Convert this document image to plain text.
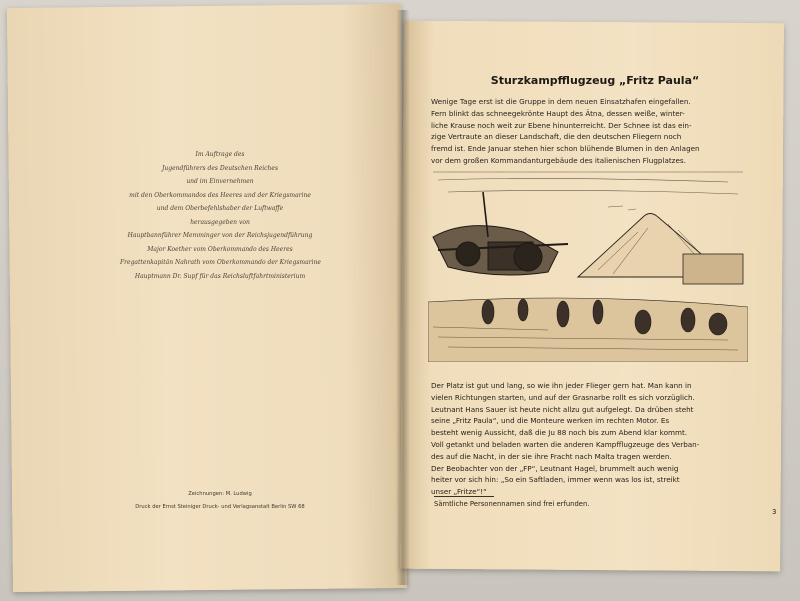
Im Auftrage des
Jugendführers des Deutschen Reiches
und im Einvernehmen
mit den Oberkommandos des Heeres und der Kriegsmarine
und dem Oberbefehlshaber der Luftwaffe
herausgegeben von
Hauptbannführer Memminger von der Reichsjugendführung
Major Koether vom Oberkommando des Heeres
Fregattenkapitän Nahrath vom Oberkommando der Kriegsmarine
Hauptmann Dr. Supf für das Reichsluftfahrtministerium
Zeichnungen: M. Ludwig
Druck der Ernst Steiniger Druck- und Verlagsanstalt Berlin SW 68
Sturzkampfflugzeug „Fritz Paula“
Wenige Tage erst ist die Gruppe in dem neuen Einsatzhafen eingefallen.
Fern blinkt das schneegekrönte Haupt des Ätna, dessen weiße, winter-
liche Krause noch weit zur Ebene hinunterreicht. Der Schnee ist das ein-
zige Vertraute an dieser Landschaft, die den deutschen Fliegern noch
fremd ist. Ende Januar stehen hier schon blühende Blumen in den Anlagen
vor dem großen Kommandanturgebäude des italienischen Flugplatzes.
Der Platz ist gut und lang, so wie ihn jeder Flieger gern hat. Man kann in
vielen Richtungen starten, und auf der Grasnarbe rollt es sich vorzüglich.
Leutnant Hans Sauer ist heute nicht allzu gut aufgelegt. Da drüben steht
seine „Fritz Paula“, und die Monteure werken im rechten Motor. Es
besteht wenig Aussicht, daß die Ju 88 noch bis zum Abend klar kommt.
Voll getankt und beladen warten die anderen Kampfflugzeuge des Verban-
des auf die Nacht, in der sie ihre Fracht nach Malta tragen werden.
Der Beobachter von der „FP“, Leutnant Hagel, brummelt auch wenig
heiter vor sich hin: „So ein Saftladen, immer wenn was los ist, streikt
unser „Fritze“!“
Sämtliche Personennamen sind frei erfunden.
3
